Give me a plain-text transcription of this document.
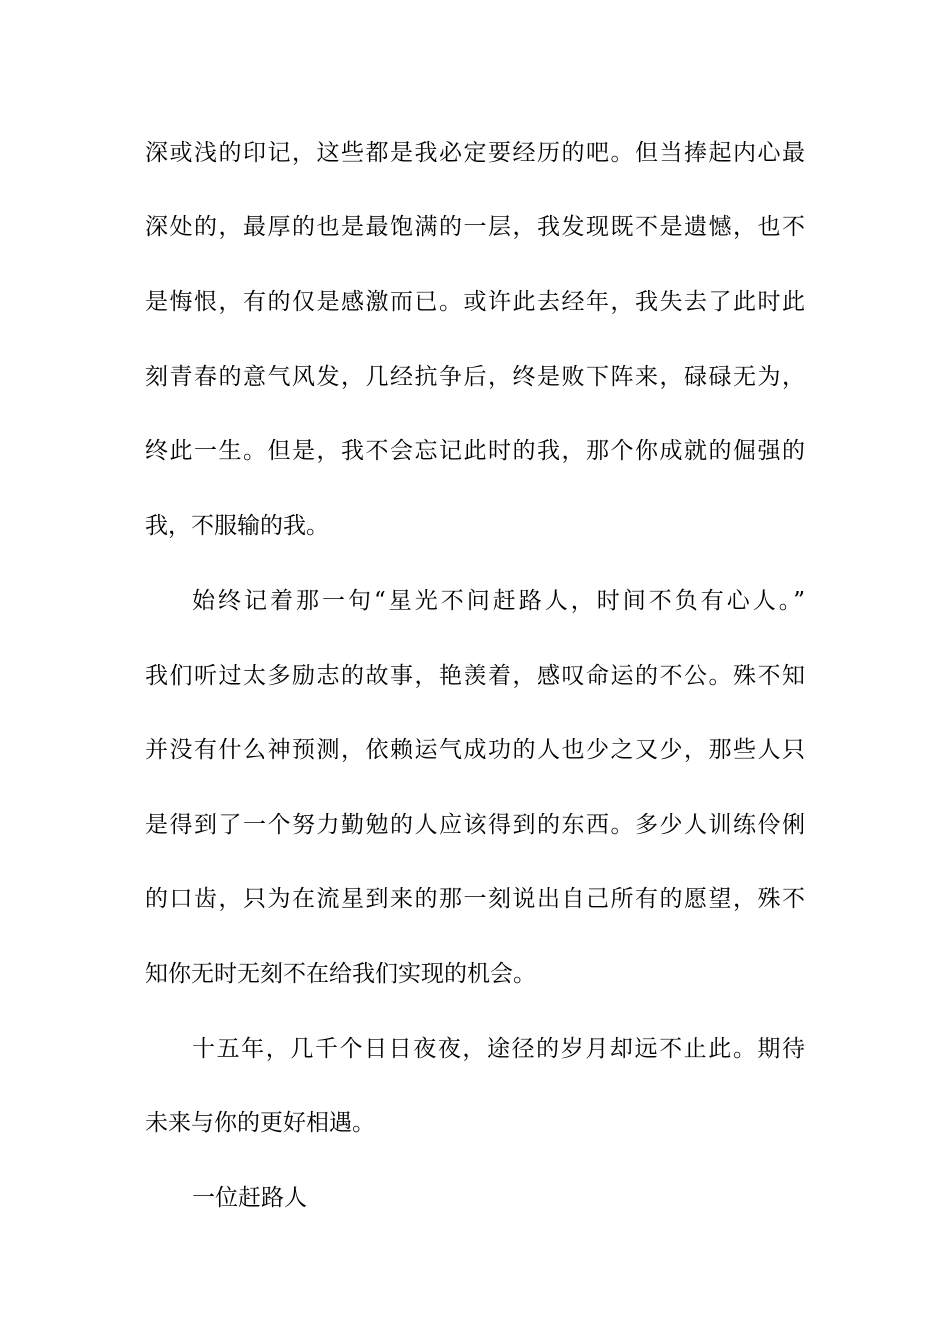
深或浅的印记，这些都是我必定要经历的吧。但当捧起内心最
深处的，最厚的也是最饱满的一层，我发现既不是遗憾，也不
是悔恨，有的仅是感激而已。或许此去经年，我失去了此时此
刻青春的意气风发，几经抗争后，终是败下阵来，碌碌无为，
终此一生。但是，我不会忘记此时的我，那个你成就的倔强的
我，不服输的我。
始终记着那一句“星光不问赶路人，时间不负有心人。”
我们听过太多励志的故事，艳羡着，感叹命运的不公。殊不知
并没有什么神预测，依赖运气成功的人也少之又少，那些人只
是得到了一个努力勤勉的人应该得到的东西。多少人训练伶俐
的口齿，只为在流星到来的那一刻说出自己所有的愿望，殊不
知你无时无刻不在给我们实现的机会。
十五年，几千个日日夜夜，途径的岁月却远不止此。期待
未来与你的更好相遇。
一位赶路人
